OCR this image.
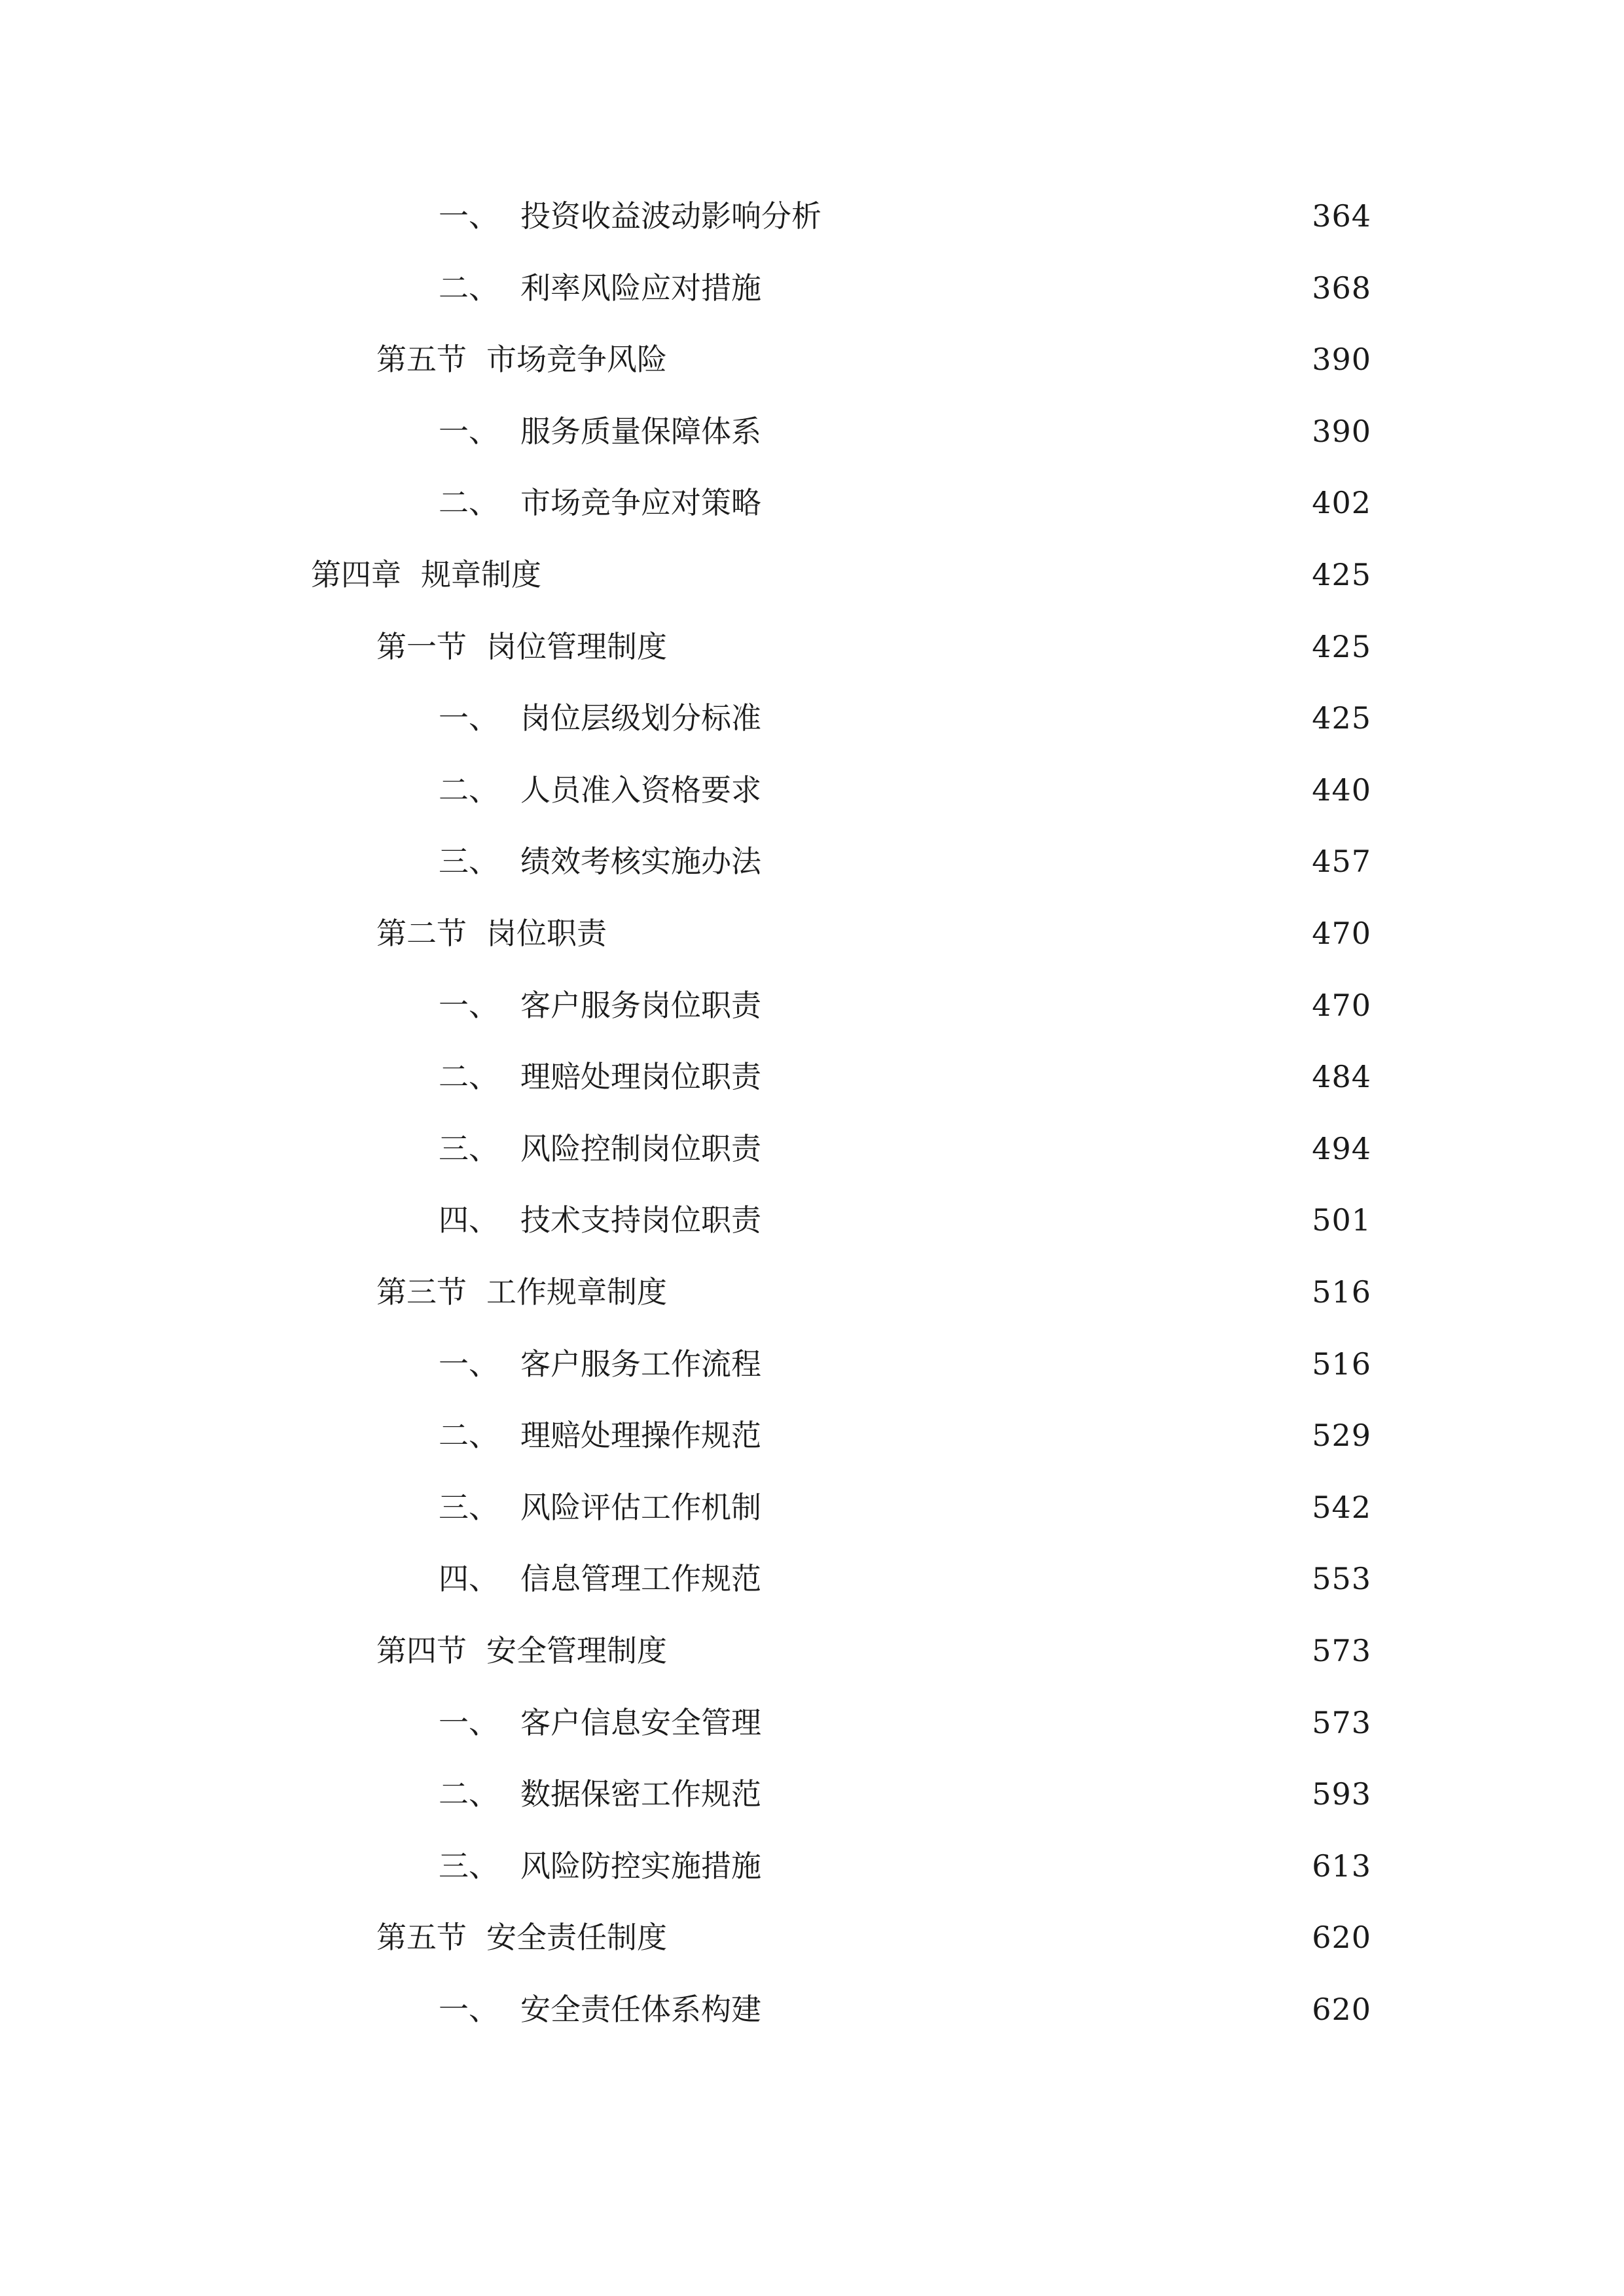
一、 投资收益波动影响分析	364
二、 利率风险应对措施	368
第五节 市场竞争风险	390
一、 服务质量保障体系	390
二、 市场竞争应对策略	402
第四章 规章制度	425
第一节 岗位管理制度	425
一、 岗位层级划分标准	425
二、 人员准入资格要求	440
三、 绩效考核实施办法	457
第二节 岗位职责	470
一、 客户服务岗位职责	470
二、 理赔处理岗位职责	484
三、 风险控制岗位职责	494
四、 技术支持岗位职责	501
第三节 工作规章制度	516
一、 客户服务工作流程	516
二、 理赔处理操作规范	529
三、 风险评估工作机制	542
四、 信息管理工作规范	553
第四节 安全管理制度	573
一、 客户信息安全管理	573
二、 数据保密工作规范	593
三、 风险防控实施措施	613
第五节 安全责任制度	620
一、 安全责任体系构建	620
